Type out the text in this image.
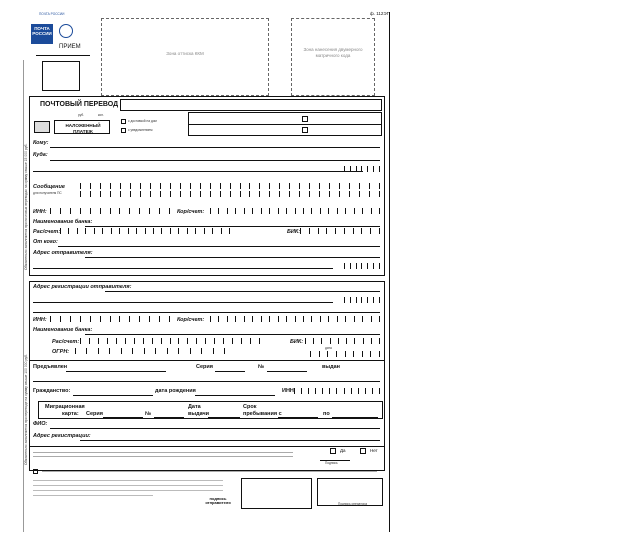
ПОЧТА РОССИИ
ПОЧТА РОССИИ
ПРИЕМ
Зона оттиска ККМ
Зона нанесения двумерного матричного кода
ф. 112ЭП
Обязательно заполняется при почтовых переводах на сумму свыше 15 000 руб.
ПОЧТОВЫЙ ПЕРЕВОД
НАЛОЖЕННЫЙ ПЛАТЕЖ
руб.	коп.
с доставкой на дом
с уведомлением
Кому:
Куда:
Сообщение
для получателя ПС
ИНН:	Кор/счет:
Наименование банка:
Рас/счет:	БИК:
От кого:
Адрес отправителя:
Обязательно заполняется при переводе на сумму свыше 100 000 руб.
Адрес регистрации отправителя:
ИНН:	Кор/счет:
Наименование банка:
Рас/счет:	БИК:
ОГРН:
дата
Предъявлен	Серия	№	выдан
Гражданство:	дата рождения	ИНН
Миграционная
карта: Серия	№
Дата
выдачи
Срок
пребывания с	по
ФИО:
Адрес регистрации:
Да	Нет
Подпись
подпись отправителя	Подпись оператора
